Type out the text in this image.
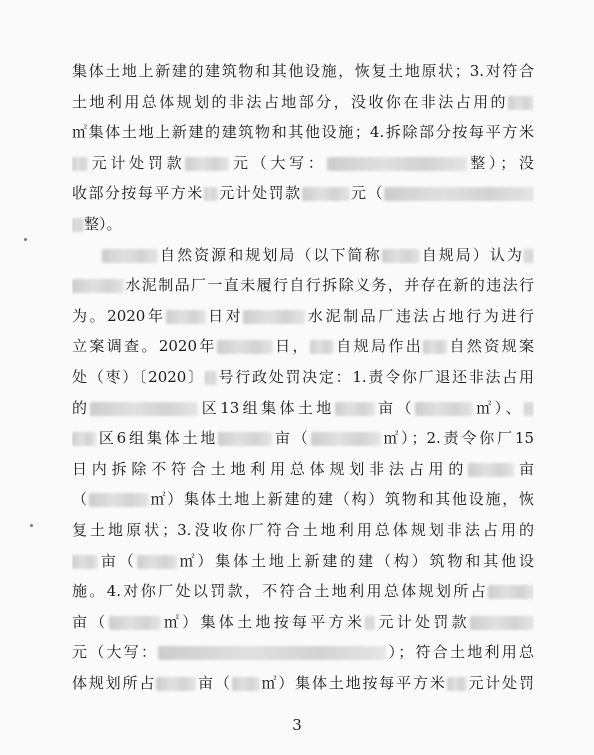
集体土地上新建的建筑物和其他设施，恢复土地原状；3.对符合
土地利用总体规划的非法占地部分，没收你在非法占用的
㎡集体土地上新建的建筑物和其他设施；4.拆除部分按每平方米
元计处罚款	元（大写：	整）；没
收部分按每平方米 元计处罚款	元（
整）。
自然资源和规划局（以下简称	自规局）认为
水泥制品厂一直未履行自行拆除义务，并存在新的违法行
为。2020年	日对	水泥制品厂违法占地行为进行
立案调查。2020年	日， 自规局作出 自然资规案
处（枣）〔2020〕 号行政处罚决定：1.责令你厂退还非法占用
的	区13组集体土地	亩（	㎡）、
区6组集体土地	亩（	㎡）；2.责令你厂15
日内拆除不符合土地利用总体规划非法占用的	亩
（	㎡）集体土地上新建的建（构）筑物和其他设施，恢
复土地原状；3.没收你厂符合土地利用总体规划非法占用的
亩（	㎡）集体土地上新建的建（构）筑物和其他设
施。4.对你厂处以罚款，不符合土地利用总体规划所占
亩（	㎡）集体土地按每平方米 元计处罚款
元（大写：	）；符合土地利用总
体规划所占	亩（ ㎡）集体土地按每平方米 元计处罚
3
